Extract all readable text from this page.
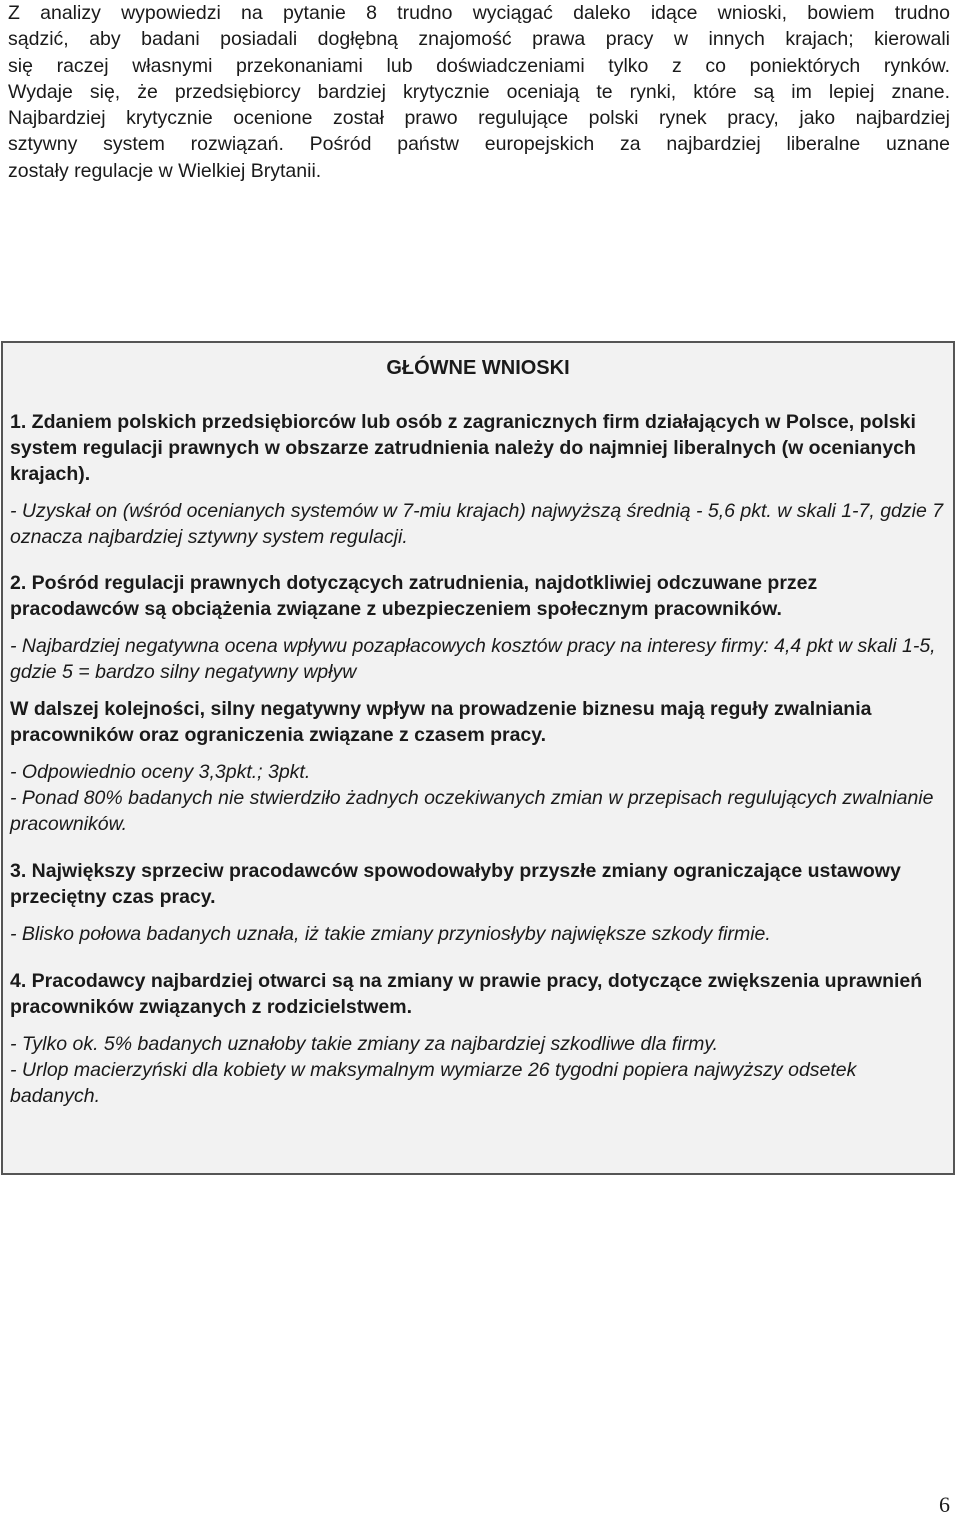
Z analizy wypowiedzi na pytanie 8 trudno wyciągać daleko idące wnioski, bowiem trudno
sądzić, aby badani posiadali dogłębną znajomość prawa pracy w innych krajach; kierowali
się raczej własnymi przekonaniami lub doświadczeniami tylko z co poniektórych rynków.
Wydaje się, że przedsiębiorcy bardziej krytycznie oceniają te rynki, które są im lepiej znane.
Najbardziej krytycznie ocenione został prawo regulujące polski rynek pracy, jako najbardziej
sztywny system rozwiązań. Pośród państw europejskich za najbardziej liberalne uznane
zostały regulacje w Wielkiej Brytanii.

GŁÓWNE WNIOSKI

1. Zdaniem polskich przedsiębiorców lub osób z zagranicznych firm działających w Polsce, polski system regulacji prawnych w obszarze zatrudnienia należy do najmniej liberalnych (w ocenianych krajach).

- Uzyskał on (wśród ocenianych systemów w 7-miu krajach) najwyższą średnią - 5,6 pkt. w skali 1-7, gdzie 7 oznacza najbardziej sztywny system regulacji.

2. Pośród regulacji prawnych dotyczących zatrudnienia, najdotkliwiej odczuwane przez pracodawców są obciążenia związane z ubezpieczeniem społecznym pracowników.

- Najbardziej negatywna ocena wpływu pozapłacowych kosztów pracy na interesy firmy: 4,4 pkt w skali 1-5, gdzie 5 = bardzo silny negatywny wpływ

W dalszej kolejności, silny negatywny wpływ na prowadzenie biznesu mają reguły zwalniania pracowników oraz ograniczenia związane z czasem pracy.

- Odpowiednio oceny 3,3pkt.; 3pkt.

- Ponad 80% badanych nie stwierdziło żadnych oczekiwanych zmian w przepisach regulujących zwalnianie pracowników.

3. Największy sprzeciw pracodawców spowodowałyby przyszłe zmiany ograniczające ustawowy przeciętny czas pracy.

- Blisko połowa badanych uznała, iż takie zmiany przyniosłyby największe szkody firmie.

4. Pracodawcy najbardziej otwarci są na zmiany w prawie pracy, dotyczące zwiększenia uprawnień pracowników związanych z rodzicielstwem.

- Tylko ok. 5% badanych uznałoby takie zmiany za najbardziej szkodliwe dla firmy.

- Urlop macierzyński dla kobiety w maksymalnym wymiarze 26 tygodni popiera najwyższy odsetek badanych.

6
